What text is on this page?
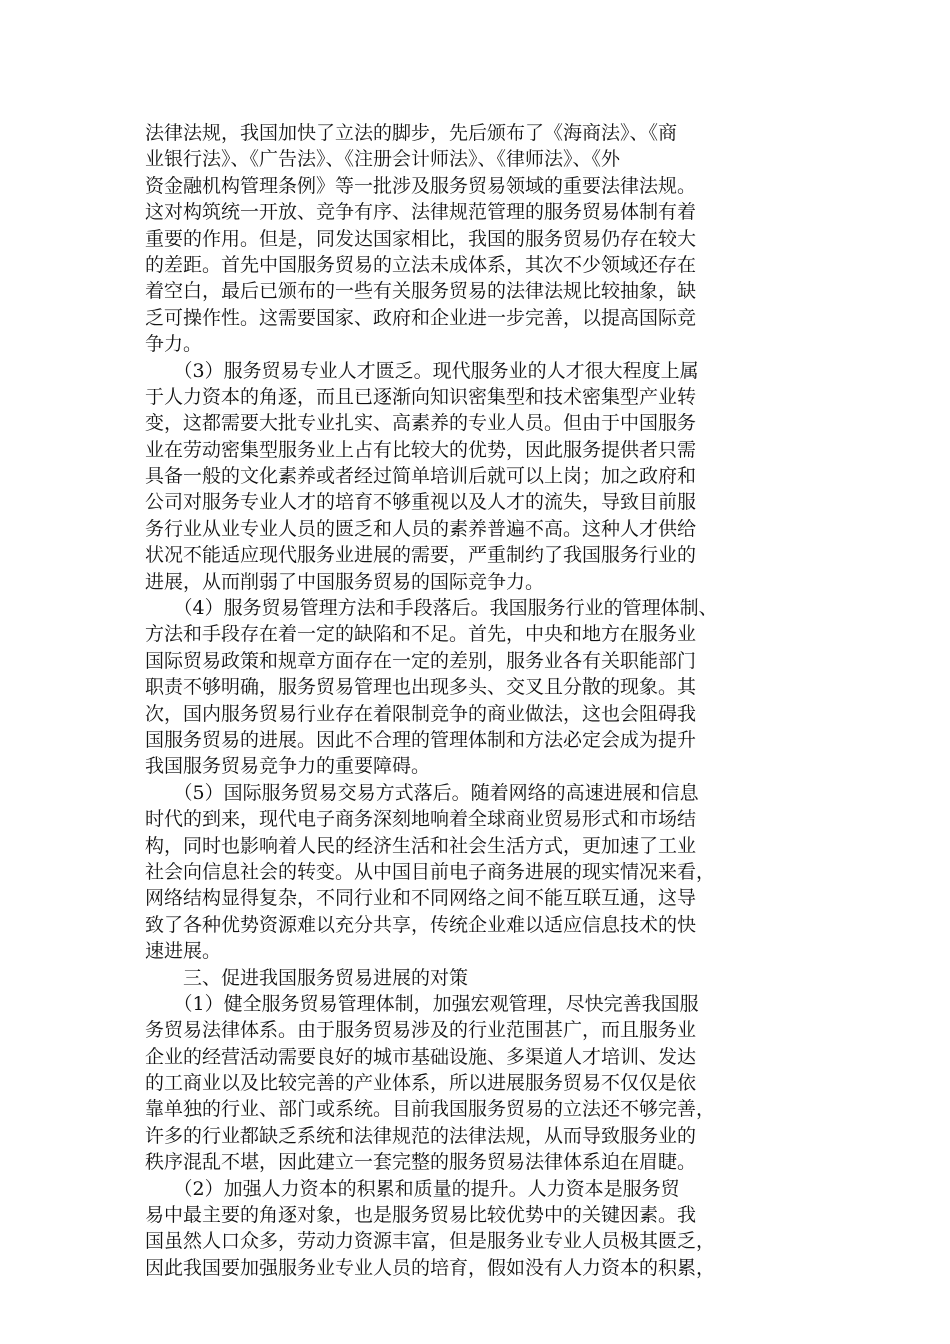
法律法规，我国加快了立法的脚步，先后颁布了《海商法》、《商
业银行法》、《广告法》、《注册会计师法》、《律师法》、《外
资金融机构管理条例》等一批涉及服务贸易领域的重要法律法规。
这对构筑统一开放、竞争有序、法律规范管理的服务贸易体制有着
重要的作用。但是，同发达国家相比，我国的服务贸易仍存在较大
的差距。首先中国服务贸易的立法未成体系，其次不少领域还存在
着空白，最后已颁布的一些有关服务贸易的法律法规比较抽象，缺
乏可操作性。这需要国家、政府和企业进一步完善，以提高国际竞
争力。
　　（3）服务贸易专业人才匮乏。现代服务业的人才很大程度上属
于人力资本的角逐，而且已逐渐向知识密集型和技术密集型产业转
变，这都需要大批专业扎实、高素养的专业人员。但由于中国服务
业在劳动密集型服务业上占有比较大的优势，因此服务提供者只需
具备一般的文化素养或者经过简单培训后就可以上岗；加之政府和
公司对服务专业人才的培育不够重视以及人才的流失，导致目前服
务行业从业专业人员的匮乏和人员的素养普遍不高。这种人才供给
状况不能适应现代服务业进展的需要，严重制约了我国服务行业的
进展，从而削弱了中国服务贸易的国际竞争力。
　　（4）服务贸易管理方法和手段落后。我国服务行业的管理体制、
方法和手段存在着一定的缺陷和不足。首先，中央和地方在服务业
国际贸易政策和规章方面存在一定的差别，服务业各有关职能部门
职责不够明确，服务贸易管理也出现多头、交叉且分散的现象。其
次，国内服务贸易行业存在着限制竞争的商业做法，这也会阻碍我
国服务贸易的进展。因此不合理的管理体制和方法必定会成为提升
我国服务贸易竞争力的重要障碍。
　　（5）国际服务贸易交易方式落后。随着网络的高速进展和信息
时代的到来，现代电子商务深刻地响着全球商业贸易形式和市场结
构，同时也影响着人民的经济生活和社会生活方式，更加速了工业
社会向信息社会的转变。从中国目前电子商务进展的现实情况来看，
网络结构显得复杂，不同行业和不同网络之间不能互联互通，这导
致了各种优势资源难以充分共享，传统企业难以适应信息技术的快
速进展。
　　三、促进我国服务贸易进展的对策
　　（1）健全服务贸易管理体制，加强宏观管理，尽快完善我国服
务贸易法律体系。由于服务贸易涉及的行业范围甚广，而且服务业
企业的经营活动需要良好的城市基础设施、多渠道人才培训、发达
的工商业以及比较完善的产业体系，所以进展服务贸易不仅仅是依
靠单独的行业、部门或系统。目前我国服务贸易的立法还不够完善，
许多的行业都缺乏系统和法律规范的法律法规，从而导致服务业的
秩序混乱不堪，因此建立一套完整的服务贸易法律体系迫在眉睫。
　　（2）加强人力资本的积累和质量的提升。人力资本是服务贸
易中最主要的角逐对象，也是服务贸易比较优势中的关键因素。我
国虽然人口众多，劳动力资源丰富，但是服务业专业人员极其匮乏，
因此我国要加强服务业专业人员的培育，假如没有人力资本的积累，
